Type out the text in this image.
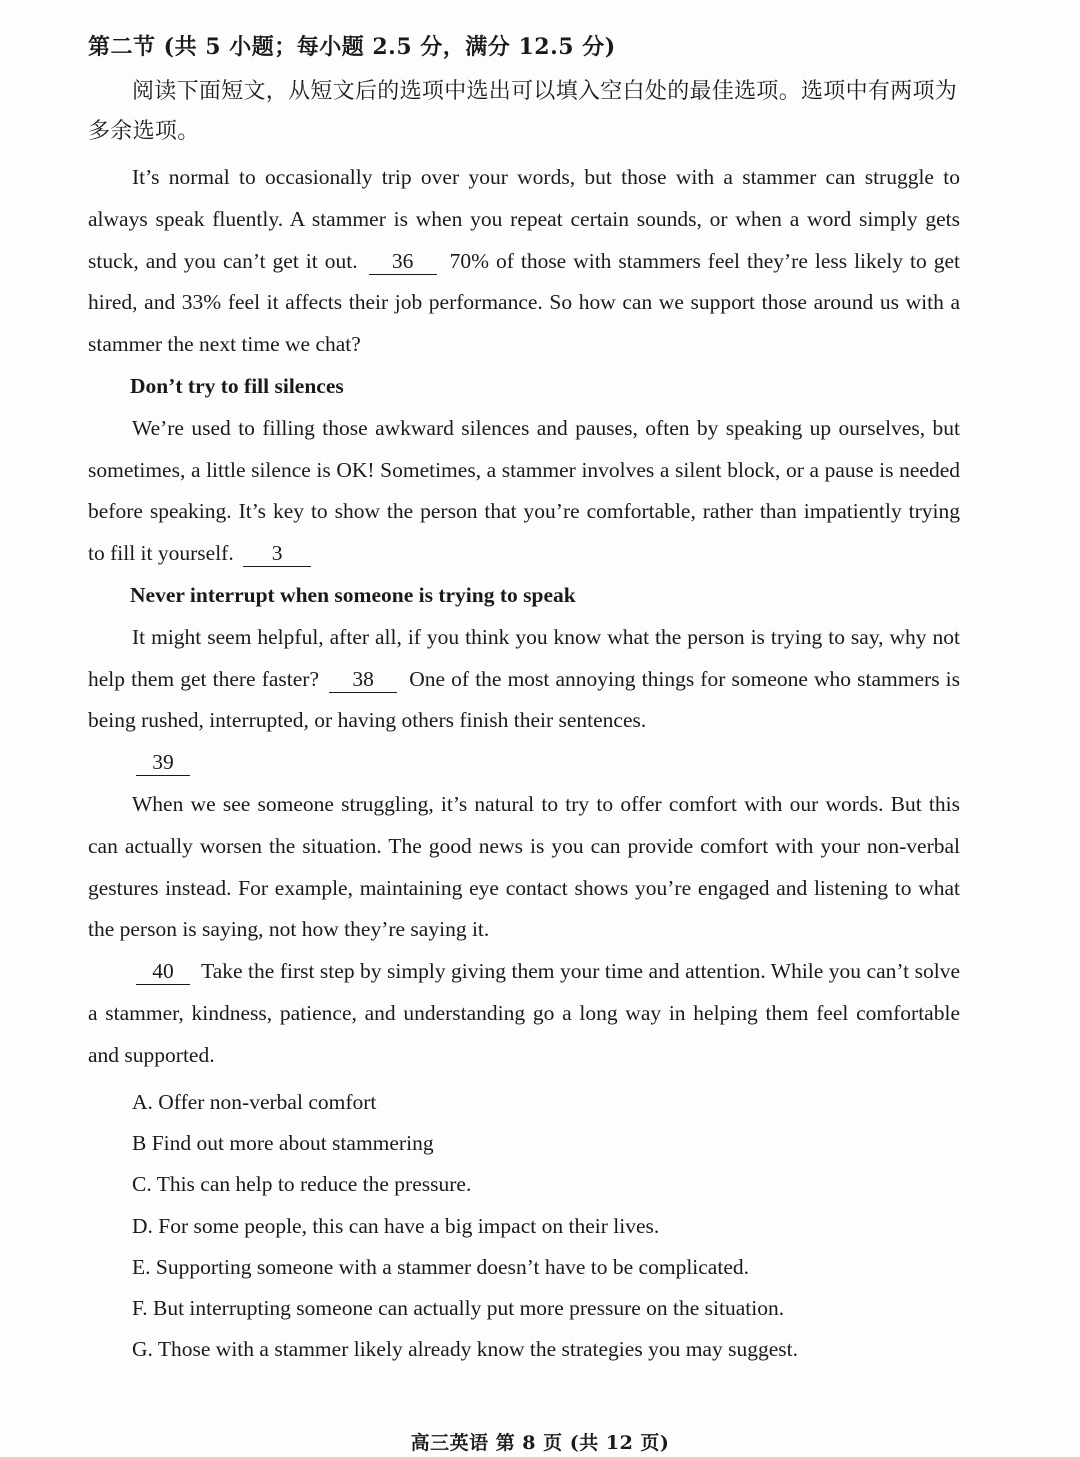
第二节 (共 5 小题；每小题 2.5 分，满分 12.5 分)
阅读下面短文，从短文后的选项中选出可以填入空白处的最佳选项。选项中有两项为多余选项。

It’s normal to occasionally trip over your words, but those with a stammer can struggle to always speak fluently. A stammer is when you repeat certain sounds, or when a word simply gets stuck, and you can’t get it out. 36 70% of those with stammers feel they’re less likely to get hired, and 33% feel it affects their job performance. So how can we support those around us with a stammer the next time we chat?

Don’t try to fill silences

We’re used to filling those awkward silences and pauses, often by speaking up ourselves, but sometimes, a little silence is OK! Sometimes, a stammer involves a silent block, or a pause is needed before speaking. It’s key to show the person that you’re comfortable, rather than impatiently trying to fill it yourself. 3

Never interrupt when someone is trying to speak

It might seem helpful, after all, if you think you know what the person is trying to say, why not help them get there faster? 38 One of the most annoying things for someone who stammers is being rushed, interrupted, or having others finish their sentences.

39

When we see someone struggling, it’s natural to try to offer comfort with our words. But this can actually worsen the situation. The good news is you can provide comfort with your non-verbal gestures instead. For example, maintaining eye contact shows you’re engaged and listening to what the person is saying, not how they’re saying it.

40 Take the first step by simply giving them your time and attention. While you can’t solve a stammer, kindness, patience, and understanding go a long way in helping them feel comfortable and supported.

A. Offer non-verbal comfort
B Find out more about stammering
C. This can help to reduce the pressure.
D. For some people, this can have a big impact on their lives.
E. Supporting someone with a stammer doesn’t have to be complicated.
F. But interrupting someone can actually put more pressure on the situation.
G. Those with a stammer likely already know the strategies you may suggest.
高三英语 第 8 页 (共 12 页)
